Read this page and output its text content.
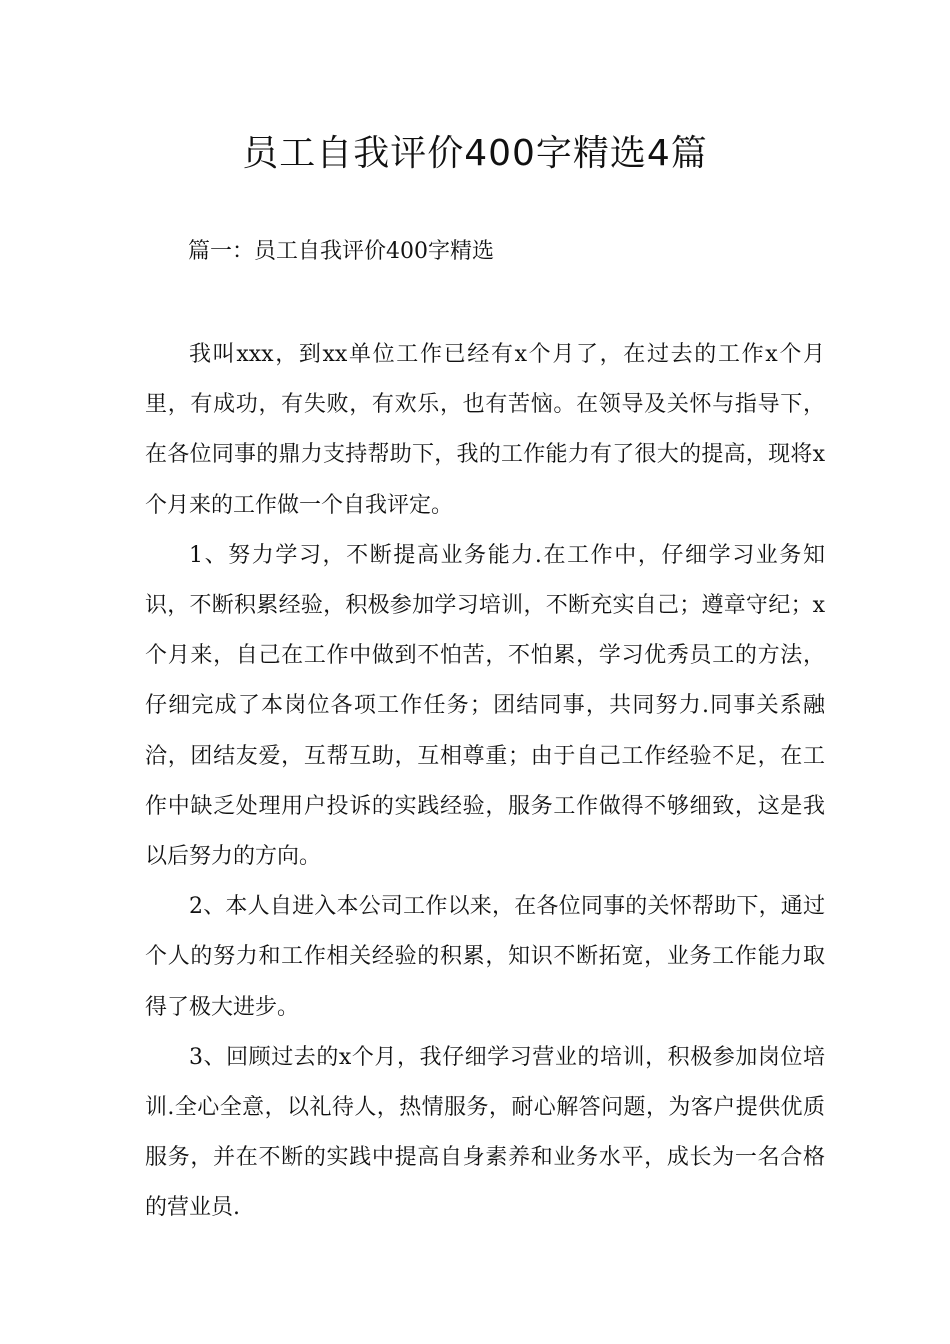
员工自我评价400字精选4篇

篇一：员工自我评价400字精选

我叫xxx，到xx单位工作已经有x个月了，在过去的工作x个月里，有成功，有失败，有欢乐，也有苦恼。在领导及关怀与指导下，在各位同事的鼎力支持帮助下，我的工作能力有了很大的提高，现将x个月来的工作做一个自我评定。

1、努力学习，不断提高业务能力.在工作中，仔细学习业务知识，不断积累经验，积极参加学习培训，不断充实自己；遵章守纪；x个月来，自己在工作中做到不怕苦，不怕累，学习优秀员工的方法，仔细完成了本岗位各项工作任务；团结同事，共同努力.同事关系融洽，团结友爱，互帮互助，互相尊重；由于自己工作经验不足，在工作中缺乏处理用户投诉的实践经验，服务工作做得不够细致，这是我以后努力的方向。

2、本人自进入本公司工作以来，在各位同事的关怀帮助下，通过个人的努力和工作相关经验的积累，知识不断拓宽，业务工作能力取得了极大进步。

3、回顾过去的x个月，我仔细学习营业的培训，积极参加岗位培训.全心全意，以礼待人，热情服务，耐心解答问题，为客户提供优质服务，并在不断的实践中提高自身素养和业务水平，成长为一名合格的营业员.
